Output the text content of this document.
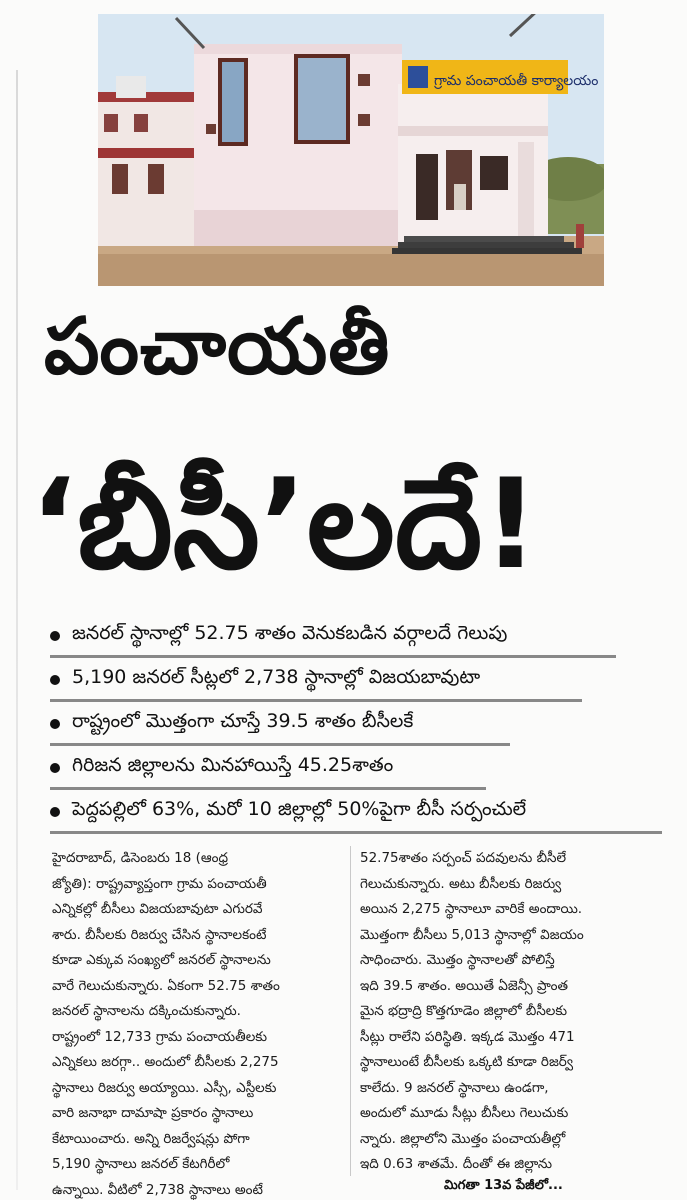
గ్రామ పంచాయతీ కార్యాలయం
పంచాయతీ
‘బీసీ’లదే!
జనరల్ స్థానాల్లో 52.75 శాతం వెనుకబడిన వర్గాలదే గెలుపు
5,190 జనరల్ సీట్లలో 2,738 స్థానాల్లో విజయబావుటా
రాష్ట్రంలో మొత్తంగా చూస్తే 39.5 శాతం బీసీలకే
గిరిజన జిల్లాలను మినహాయిస్తే 45.25శాతం
పెద్దపల్లిలో 63%, మరో 10 జిల్లాల్లో 50%పైగా బీసీ సర్పంచులే
హైదరాబాద్, డిసెంబరు 18 (ఆంధ్ర
జ్యోతి): రాష్ట్రవ్యాప్తంగా గ్రామ పంచాయతీ
ఎన్నికల్లో బీసీలు విజయబావుటా ఎగురవే
శారు. బీసీలకు రిజర్వు చేసిన స్థానాలకంటే
కూడా ఎక్కువ సంఖ్యలో జనరల్ స్థానాలను
వారే గెలుచుకున్నారు. ఏకంగా 52.75 శాతం
జనరల్ స్థానాలను దక్కించుకున్నారు.
రాష్ట్రంలో 12,733 గ్రామ పంచాయతీలకు
ఎన్నికలు జరగ్గా.. అందులో బీసీలకు 2,275
స్థానాలు రిజర్వు అయ్యాయి. ఎస్సీ, ఎస్టీలకు
వారి జనాభా దామాషా ప్రకారం స్థానాలు
కేటాయించారు. అన్ని రిజర్వేషన్లు పోగా
5,190 స్థానాలు జనరల్ కేటగిరీలో
ఉన్నాయి. వీటిలో 2,738 స్థానాలు అంటే
52.75శాతం సర్పంచ్ పదవులను బీసీలే
గెలుచుకున్నారు. అటు బీసీలకు రిజర్వు
అయిన 2,275 స్థానాలూ వారికే అందాయి.
మొత్తంగా బీసీలు 5,013 స్థానాల్లో విజయం
సాధించారు. మొత్తం స్థానాలతో పోలిస్తే
ఇది 39.5 శాతం. అయితే ఏజెన్సీ ప్రాంత
మైన భద్రాద్రి కొత్తగూడెం జిల్లాలో బీసీలకు
సీట్లు రాలేని పరిస్థితి. ఇక్కడ మొత్తం 471
స్థానాలుంటే బీసీలకు ఒక్కటి కూడా రిజర్వ్
కాలేదు. 9 జనరల్ స్థానాలు ఉండగా,
అందులో మూడు సీట్లు బీసీలు గెలుచుకు
న్నారు. జిల్లాలోని మొత్తం పంచాయతీల్లో
ఇది 0.63 శాతమే. దీంతో ఈ జిల్లాను
మిగతా 13వ పేజీలో...
